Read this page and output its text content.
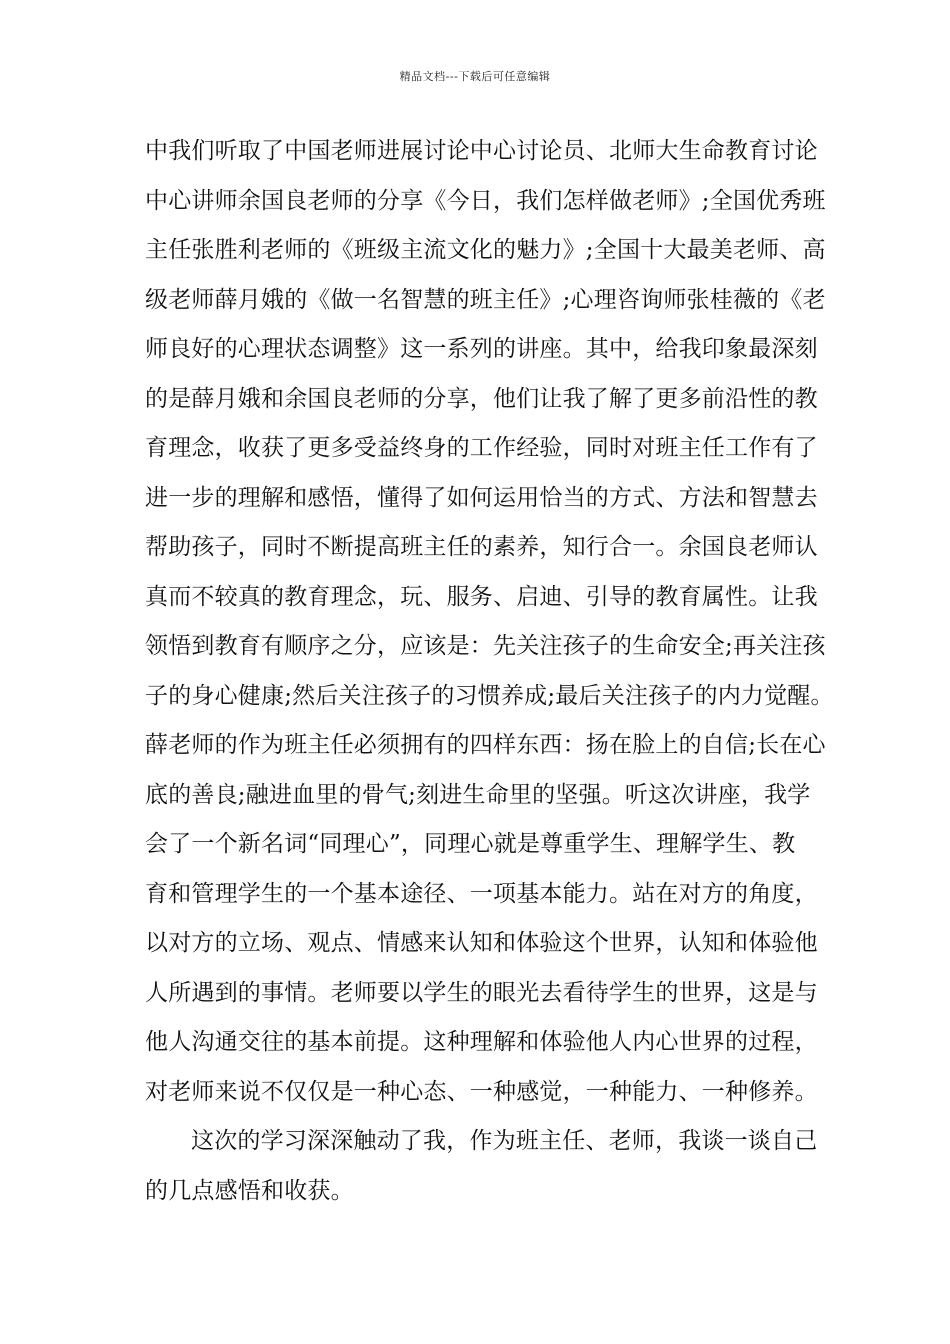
精品文档---下载后可任意编辑
中我们听取了中国老师进展讨论中心讨论员、北师大生命教育讨论
中心讲师余国良老师的分享《今日，我们怎样做老师》;全国优秀班
主任张胜利老师的《班级主流文化的魅力》;全国十大最美老师、高
级老师薛月娥的《做一名智慧的班主任》;心理咨询师张桂薇的《老
师良好的心理状态调整》这一系列的讲座。其中，给我印象最深刻
的是薛月娥和余国良老师的分享，他们让我了解了更多前沿性的教
育理念，收获了更多受益终身的工作经验，同时对班主任工作有了
进一步的理解和感悟，懂得了如何运用恰当的方式、方法和智慧去
帮助孩子，同时不断提高班主任的素养，知行合一。余国良老师认
真而不较真的教育理念，玩、服务、启迪、引导的教育属性。让我
领悟到教育有顺序之分，应该是：先关注孩子的生命安全;再关注孩
子的身心健康;然后关注孩子的习惯养成;最后关注孩子的内力觉醒。
薛老师的作为班主任必须拥有的四样东西：扬在脸上的自信;长在心
底的善良;融进血里的骨气;刻进生命里的坚强。听这次讲座，我学
会了一个新名词“同理心”，同理心就是尊重学生、理解学生、教
育和管理学生的一个基本途径、一项基本能力。站在对方的角度，
以对方的立场、观点、情感来认知和体验这个世界，认知和体验他
人所遇到的事情。老师要以学生的眼光去看待学生的世界，这是与
他人沟通交往的基本前提。这种理解和体验他人内心世界的过程，
对老师来说不仅仅是一种心态、一种感觉，一种能力、一种修养。
这次的学习深深触动了我，作为班主任、老师，我谈一谈自己
的几点感悟和收获。
